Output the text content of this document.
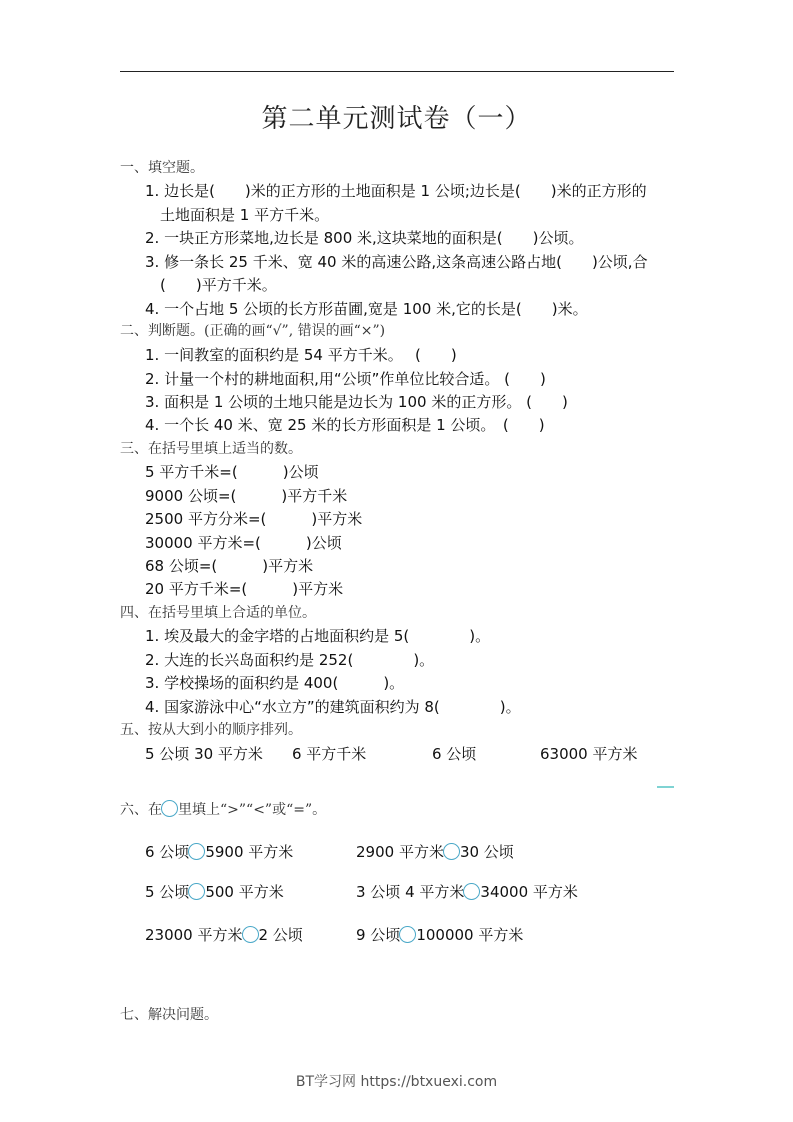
第二单元测试卷（一）
一、填空题。
1. 边长是(　　)米的正方形的土地面积是 1 公顷;边长是(　　)米的正方形的
土地面积是 1 平方千米。
2. 一块正方形菜地,边长是 800 米,这块菜地的面积是(　　)公顷。
3. 修一条长 25 千米、宽 40 米的高速公路,这条高速公路占地(　　)公顷,合
(　　)平方千米。
4. 一个占地 5 公顷的长方形苗圃,宽是 100 米,它的长是(　　)米。
二、判断题。(正确的画“√”, 错误的画“×”)
1. 一间教室的面积约是 54 平方千米。　 (　　)
2. 计量一个村的耕地面积,用“公顷”作单位比较合适。 (　　)
3. 面积是 1 公顷的土地只能是边长为 100 米的正方形。 (　　)
4. 一个长 40 米、宽 25 米的长方形面积是 1 公顷。　(　　)
三、在括号里填上适当的数。
5 平方千米=(　　　)公顷
9000 公顷=(　　　)平方千米
2500 平方分米=(　　　)平方米
30000 平方米=(　　　)公顷
68 公顷=(　　　)平方米
20 平方千米=(　　　)平方米
四、在括号里填上合适的单位。
1. 埃及最大的金字塔的占地面积约是 5(　　　　)。
2. 大连的长兴岛面积约是 252(　　　　)。
3. 学校操场的面积约是 400(　　　)。
4. 国家游泳中心“水立方”的建筑面积约为 8(　　　　)。
五、按从大到小的顺序排列。
5 公顷 30 平方米 6 平方千米	6 公顷	63000 平方米
六、在 里填上“>”“<”或“=”。
6 公顷 5900 平方米	2900 平方米 30 公顷
5 公顷 500 平方米	3 公顷 4 平方米 34000 平方米
23000 平方米 2 公顷	9 公顷 100000 平方米
七、解决问题。
BT学习网 https://btxuexi.com
